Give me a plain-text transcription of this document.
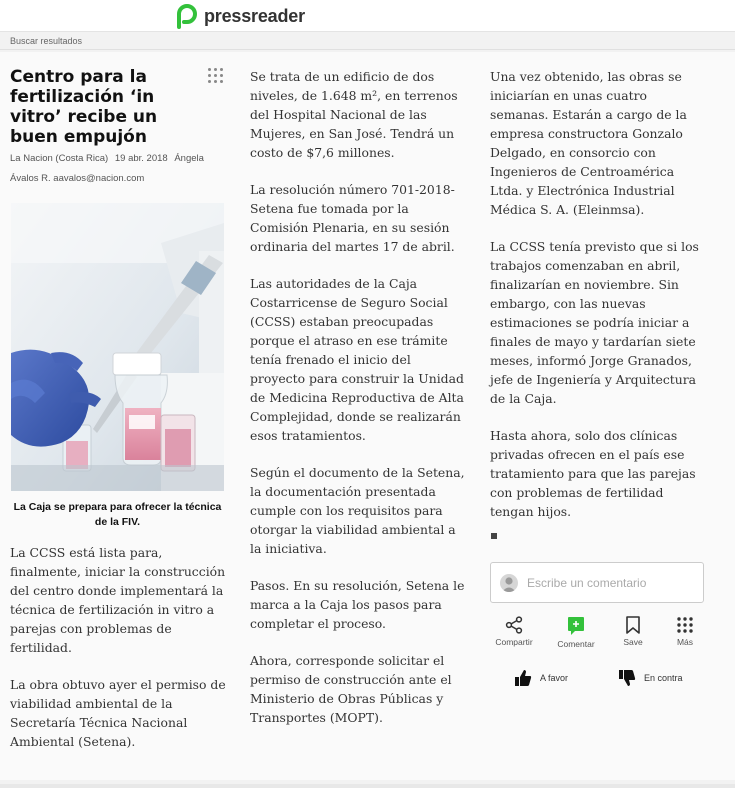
pressreader
Buscar resultados
Centro para la fertilización ‘in vitro’ recibe un buen empujón
La Nacion (Costa Rica) 19 abr. 2018 Ángela Ávalos R. aavalos@nacion.com
La Caja se prepara para ofrecer la técnica de la FIV.

La CCSS está lista para, finalmente, iniciar la construcción del centro donde implementará la técnica de fertilización in vitro a parejas con problemas de fertilidad.

La obra obtuvo ayer el permiso de viabilidad ambiental de la Secretaría Técnica Nacional Ambiental (Setena).

Se trata de un edificio de dos niveles, de 1.648 m², en terrenos del Hospital Nacional de las Mujeres, en San José. Tendrá un costo de $7,6 millones.

La resolución número 701-2018-Setena fue tomada por la Comisión Plenaria, en su sesión ordinaria del martes 17 de abril.

Las autoridades de la Caja Costarricense de Seguro Social (CCSS) estaban preocupadas porque el atraso en ese trámite tenía frenado el inicio del proyecto para construir la Unidad de Medicina Reproductiva de Alta Complejidad, donde se realizarán esos tratamientos.

Según el documento de la Setena, la documentación presentada cumple con los requisitos para otorgar la viabilidad ambiental a la iniciativa.

Pasos. En su resolución, Setena le marca a la Caja los pasos para completar el proceso.

Ahora, corresponde solicitar el permiso de construcción ante el Ministerio de Obras Públicas y Transportes (MOPT).

Una vez obtenido, las obras se iniciarían en unas cuatro semanas. Estarán a cargo de la empresa constructora Gonzalo Delgado, en consorcio con Ingenieros de Centroamérica Ltda. y Electrónica Industrial Médica S. A. (Eleinmsa).

La CCSS tenía previsto que si los trabajos comenzaban en abril, finalizarían en noviembre. Sin embargo, con las nuevas estimaciones se podría iniciar a finales de mayo y tardarían siete meses, informó Jorge Granados, jefe de Ingeniería y Arquitectura de la Caja.

Hasta ahora, solo dos clínicas privadas ofrecen en el país ese tratamiento para que las parejas con problemas de fertilidad tengan hijos.

Escribe un comentario
Compartir	Comentar	Save	Más
A favor	En contra
